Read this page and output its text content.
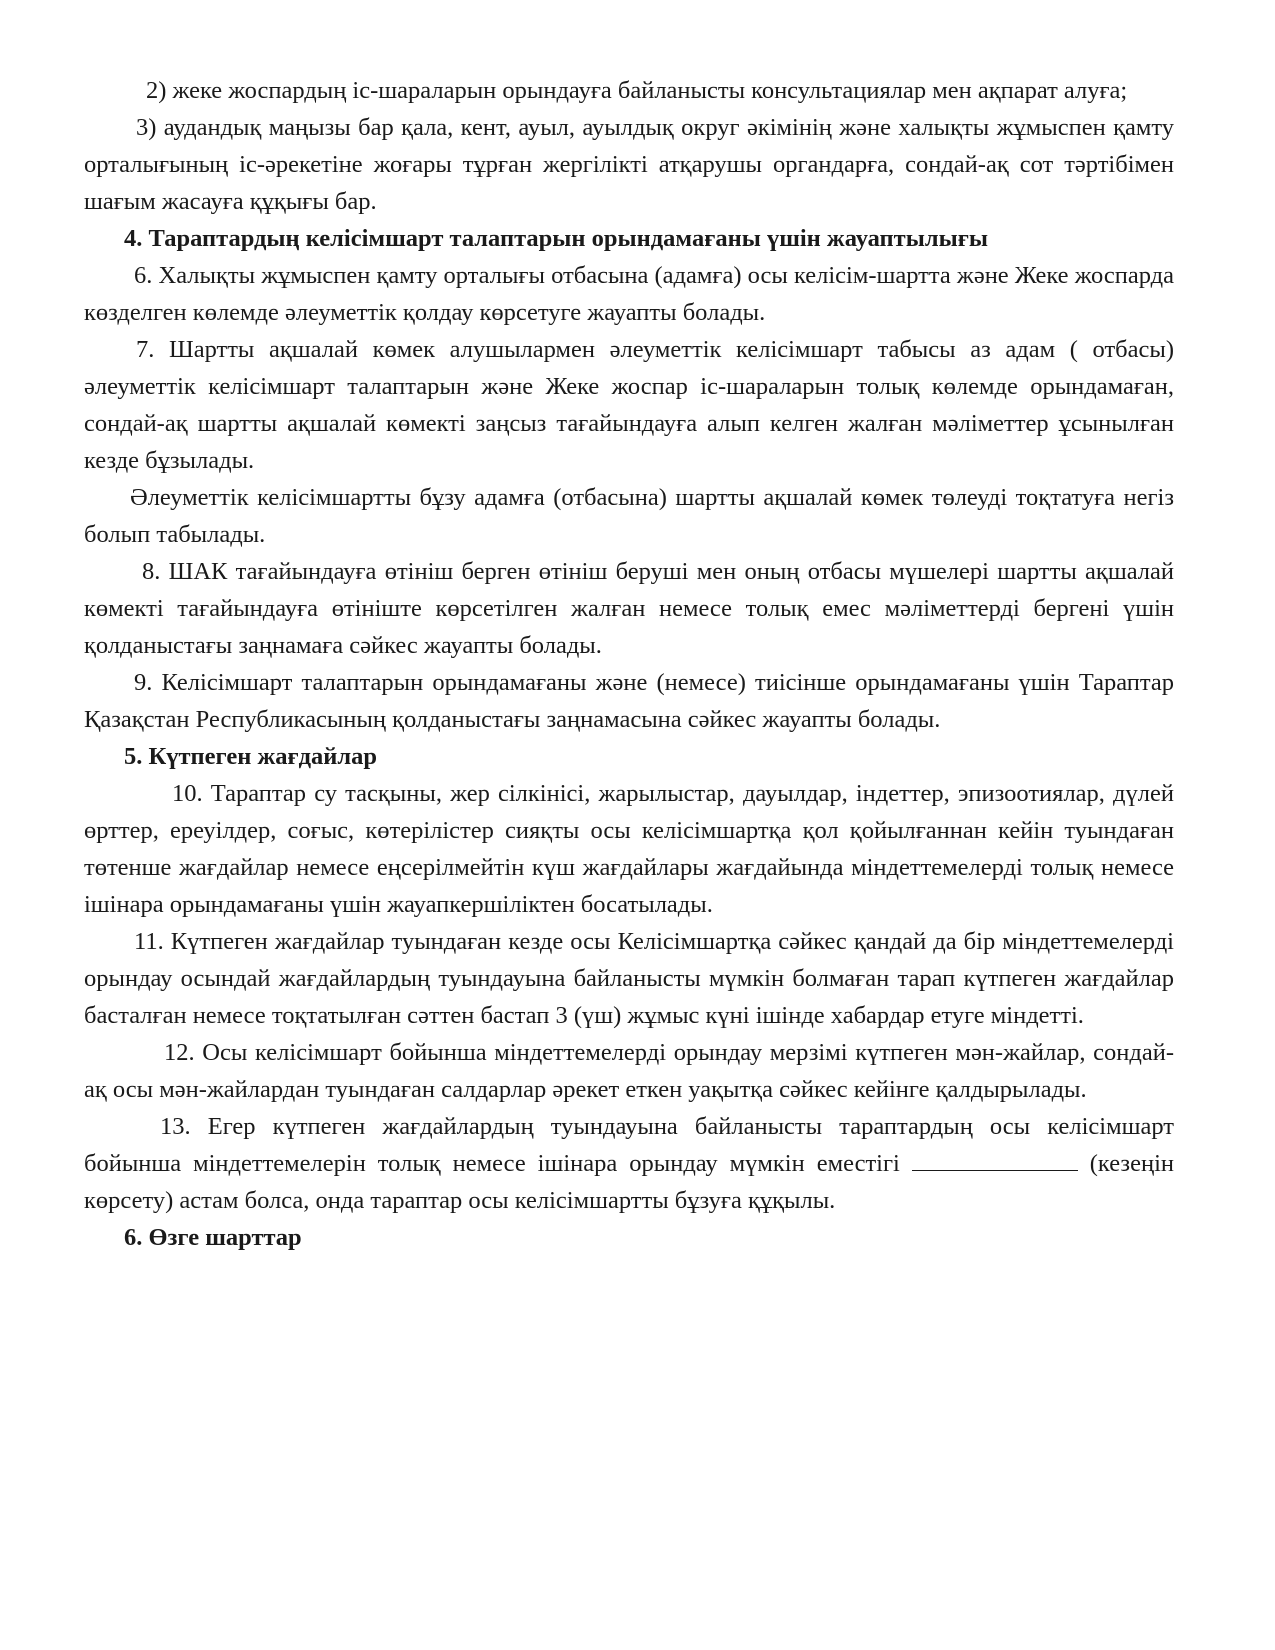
2) жеке жоспардың іс-шараларын орындауға байланысты консультациялар мен ақпарат алуға;

3) аудандық маңызы бар қала, кент, ауыл, ауылдық округ әкімінің және халықты жұмыспен қамту орталығының іс-әрекетіне жоғары тұрған жергілікті атқарушы органдарға, сондай-ақ сот тәртібімен шағым жасауға құқығы бар.

4. Тараптардың келісімшарт талаптарын орындамағаны үшін жауаптылығы

6. Халықты жұмыспен қамту орталығы отбасына (адамға) осы келісім-шартта және Жеке жоспарда көзделген көлемде әлеуметтік қолдау көрсетуге жауапты болады.

7. Шартты ақшалай көмек алушылармен әлеуметтік келісімшарт табысы аз адам ( отбасы) әлеуметтік келісімшарт талаптарын және Жеке жоспар іс-шараларын толық көлемде орындамаған, сондай-ақ шартты ақшалай көмекті заңсыз тағайындауға алып келген жалған мәліметтер ұсынылған кезде бұзылады.

Әлеуметтік келісімшартты бұзу адамға (отбасына) шартты ақшалай көмек төлеуді тоқтатуға негіз болып табылады.

8. ШАК тағайындауға өтініш берген өтініш беруші мен оның отбасы мүшелері шартты ақшалай көмекті тағайындауға өтініште көрсетілген жалған немесе толық емес мәліметтерді бергені үшін қолданыстағы заңнамаға сәйкес жауапты болады.

9. Келісімшарт талаптарын орындамағаны және (немесе) тиісінше орындамағаны үшін Тараптар Қазақстан Республикасының қолданыстағы заңнамасына сәйкес жауапты болады.

5. Күтпеген жағдайлар

10. Тараптар су тасқыны, жер сілкінісі, жарылыстар, дауылдар, індеттер, эпизоотиялар, дүлей өрттер, ереуілдер, соғыс, көтерілістер сияқты осы келісімшартқа қол қойылғаннан кейін туындаған төтенше жағдайлар немесе еңсерілмейтін күш жағдайлары жағдайында міндеттемелерді толық немесе ішінара орындамағаны үшін жауапкершіліктен босатылады.

11. Күтпеген жағдайлар туындаған кезде осы Келісімшартқа сәйкес қандай да бір міндеттемелерді орындау осындай жағдайлардың туындауына байланысты мүмкін болмаған тарап күтпеген жағдайлар басталған немесе тоқтатылған сәттен бастап 3 (үш) жұмыс күні ішінде хабардар етуге міндетті.

12. Осы келісімшарт бойынша міндеттемелерді орындау мерзімі күтпеген мән-жайлар, сондай-ақ осы мән-жайлардан туындаған салдарлар әрекет еткен уақытқа сәйкес кейінге қалдырылады.

13. Егер күтпеген жағдайлардың туындауына байланысты тараптардың осы келісімшарт бойынша міндеттемелерін толық немесе ішінара орындау мүмкін еместігі	(кезеңін көрсету) астам болса, онда тараптар осы келісімшартты бұзуға құқылы.

6. Өзге шарттар
